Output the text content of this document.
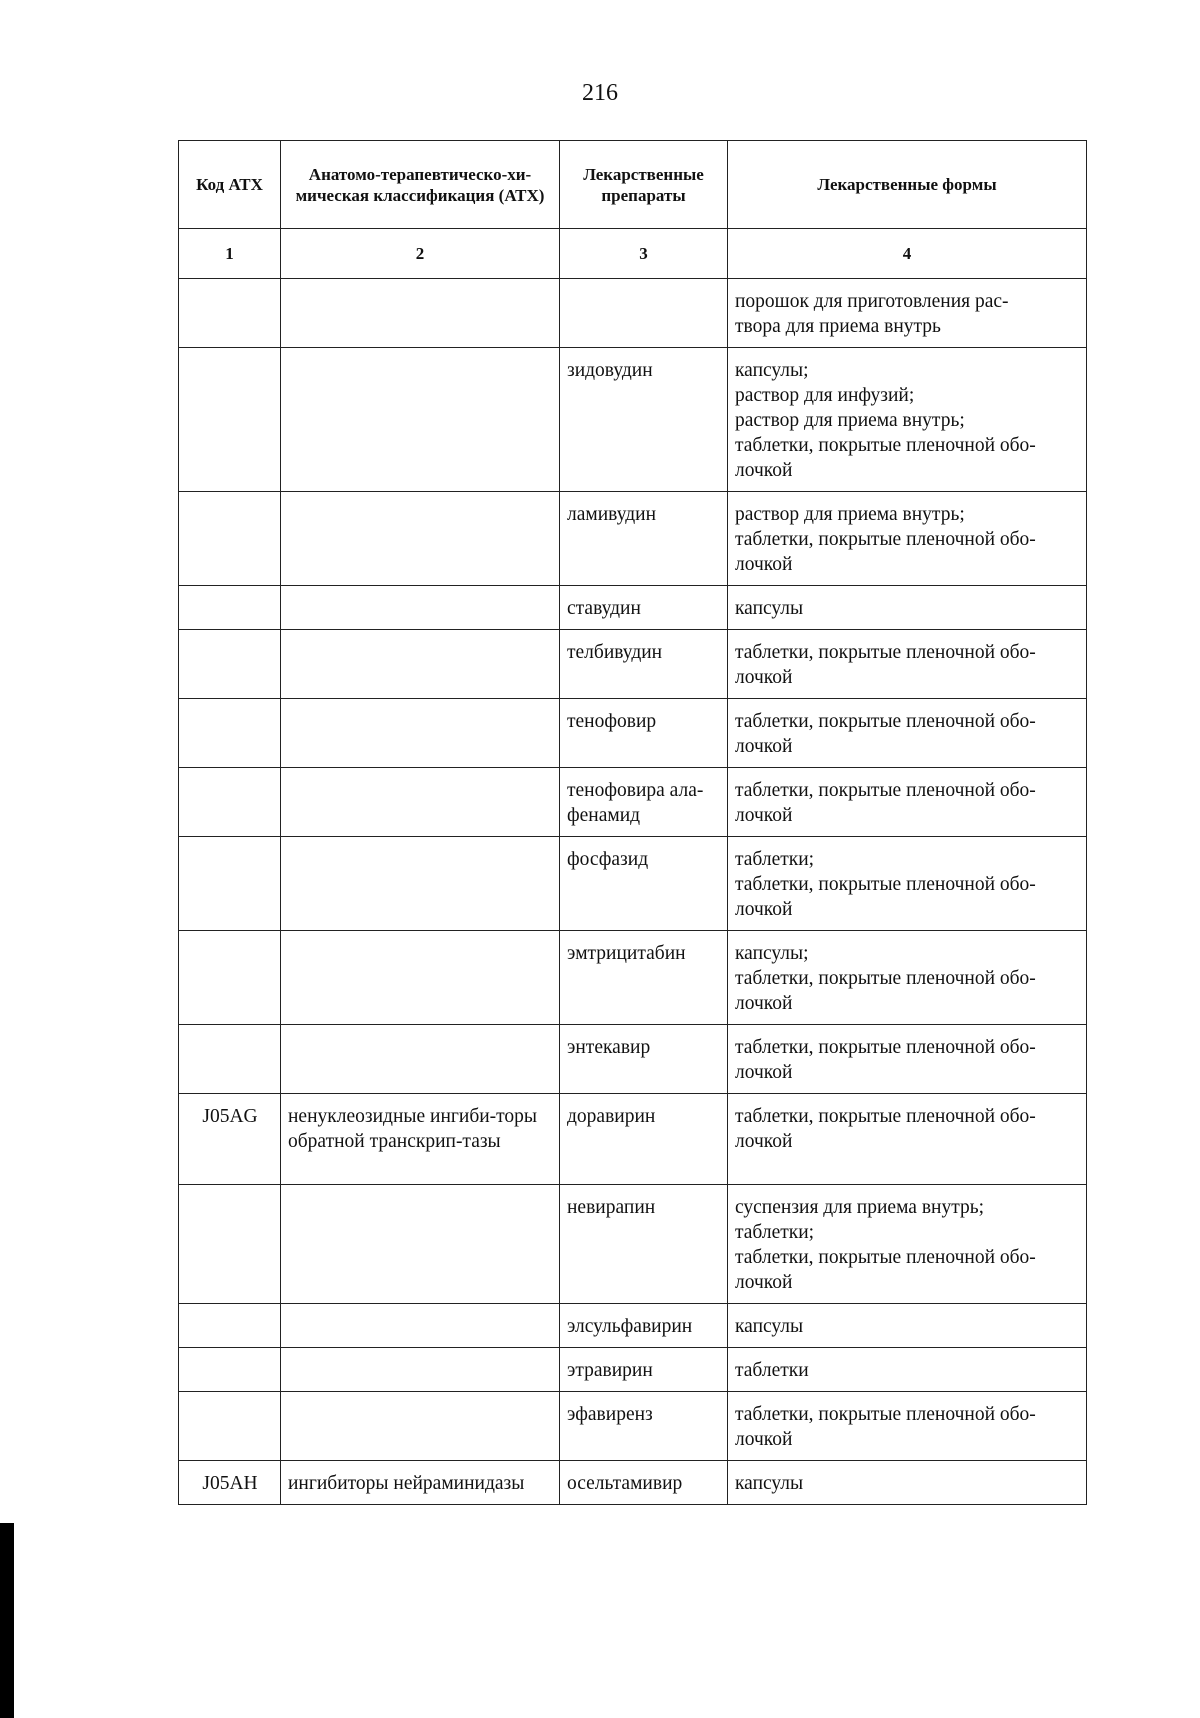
216
Код АТХ	Анатомо-терапевтическо-хи-мическая классификация (АТХ)	Лекарственные препараты	Лекарственные формы
1	2	3	4

			порошок для приготовления рас-
твора для приема внутрь

		зидовудин	капсулы;
раствор для инфузий;
раствор для приема внутрь;
таблетки, покрытые пленочной обо-
лочкой

		ламивудин	раствор для приема внутрь;
таблетки, покрытые пленочной обо-
лочкой

		ставудин	капсулы

		телбивудин	таблетки, покрытые пленочной обо-
лочкой

		тенофовир	таблетки, покрытые пленочной обо-
лочкой

		тенофовира ала-фенамид	таблетки, покрытые пленочной обо-
лочкой

		фосфазид	таблетки;
таблетки, покрытые пленочной обо-
лочкой

		эмтрицитабин	капсулы;
таблетки, покрытые пленочной обо-
лочкой

		энтекавир	таблетки, покрытые пленочной обо-
лочкой

J05AG	ненуклеозидные ингиби-торы обратной транскрип-тазы	доравирин	таблетки, покрытые пленочной обо-
лочкой

		невирапин	суспензия для приема внутрь;
таблетки;
таблетки, покрытые пленочной обо-
лочкой

		элсульфавирин	капсулы

		этравирин	таблетки

		эфавиренз	таблетки, покрытые пленочной обо-
лочкой

J05AH	ингибиторы нейраминидазы	осельтамивир	капсулы
